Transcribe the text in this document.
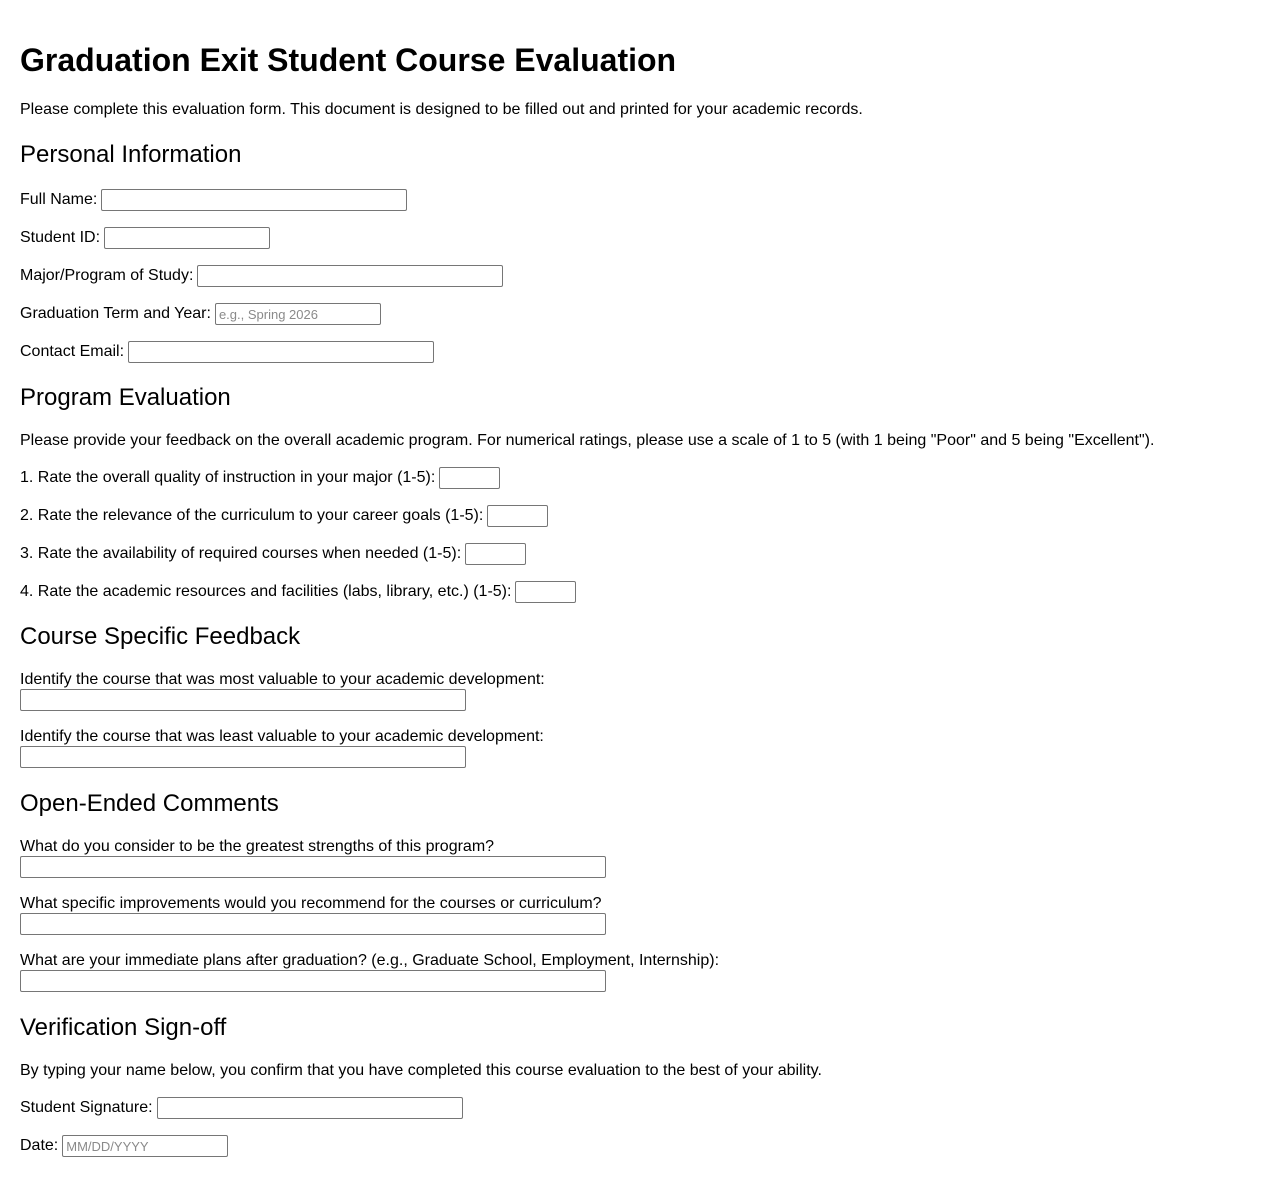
Graduation Exit Student Course Evaluation
Please complete this evaluation form. This document is designed to be filled out and printed for your academic records.
Personal Information
Full Name:
Student ID:
Major/Program of Study:
Graduation Term and Year:
e.g., Spring 2026
Contact Email:
Program Evaluation
Please provide your feedback on the overall academic program. For numerical ratings, please use a scale of 1 to 5 (with 1 being "Poor" and 5 being "Excellent").
1. Rate the overall quality of instruction in your major (1-5):
2. Rate the relevance of the curriculum to your career goals (1-5):
3. Rate the availability of required courses when needed (1-5):
4. Rate the academic resources and facilities (labs, library, etc.) (1-5):
Course Specific Feedback
Identify the course that was most valuable to your academic development:
Identify the course that was least valuable to your academic development:
Open-Ended Comments
What do you consider to be the greatest strengths of this program?
What specific improvements would you recommend for the courses or curriculum?
What are your immediate plans after graduation? (e.g., Graduate School, Employment, Internship):
Verification Sign-off
By typing your name below, you confirm that you have completed this course evaluation to the best of your ability.
Student Signature:
Date:
MM/DD/YYYY
